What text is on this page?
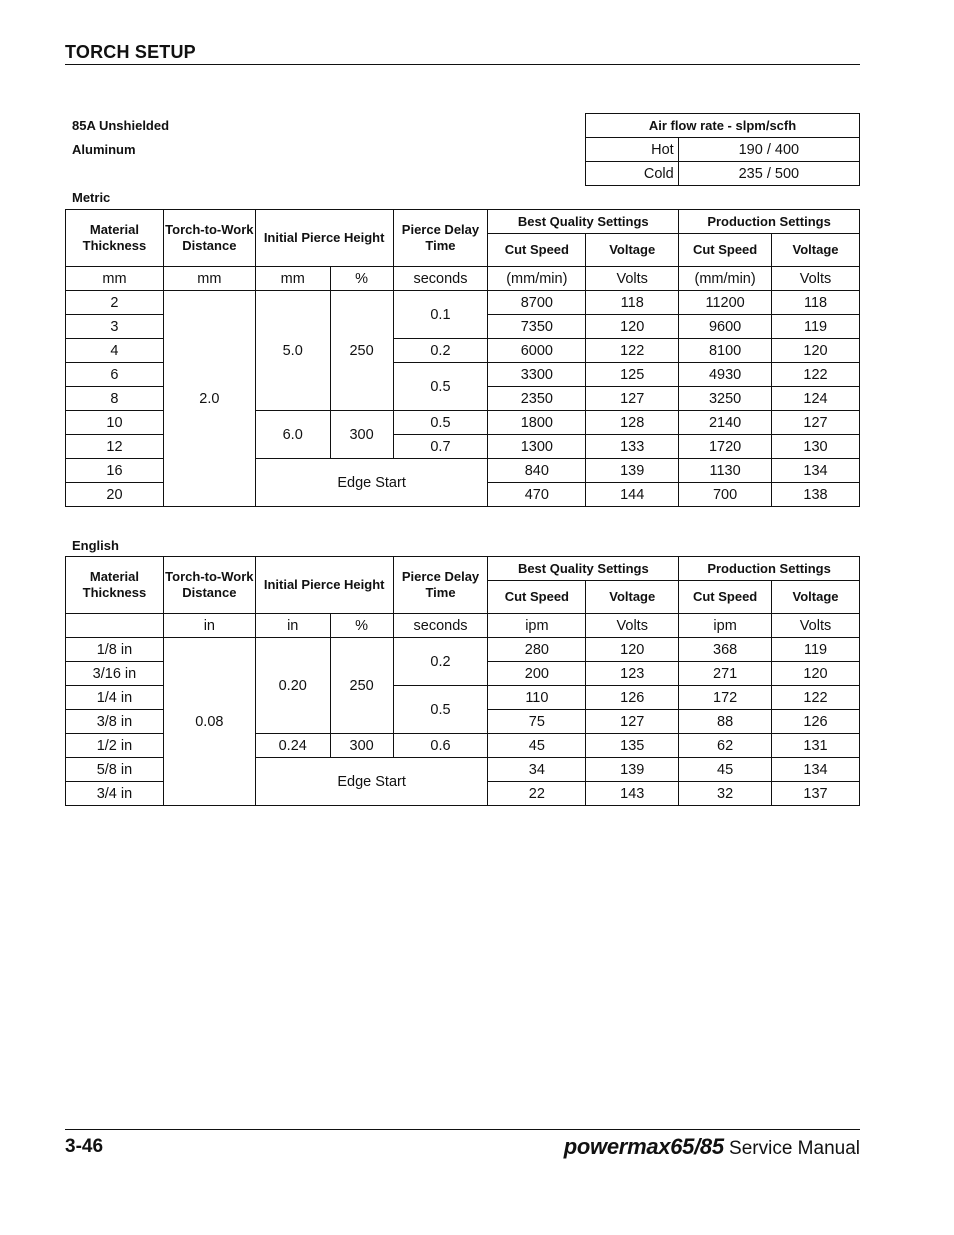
TORCH SETUP
85A Unshielded
Aluminum
Air flow rate - slpm/scfh	
Hot	190 / 400
Cold	235 / 500
Metric
Material Thickness	Torch-to-Work Distance	Initial Pierce Height		Pierce Delay Time	Best Quality Settings		Production Settings	
					Cut Speed	Voltage	Cut Speed	Voltage
mm	mm	mm	%	seconds	(mm/min)	Volts	(mm/min)	Volts
2	2.0	5.0	250	0.1	8700	118	11200	118
3					7350	120	9600	119
4				0.2	6000	122	8100	120
6				0.5	3300	125	4930	122
8					2350	127	3250	124
10		6.0	300	0.5	1800	128	2140	127
12				0.7	1300	133	1720	130
16		Edge Start			840	139	1130	134
20					470	144	700	138
English
Material Thickness	Torch-to-Work Distance	Initial Pierce Height		Pierce Delay Time	Best Quality Settings		Production Settings	
					Cut Speed	Voltage	Cut Speed	Voltage
	in	in	%	seconds	ipm	Volts	ipm	Volts
1/8 in	0.08	0.20	250	0.2	280	120	368	119
3/16 in					200	123	271	120
1/4 in				0.5	110	126	172	122
3/8 in					75	127	88	126
1/2 in		0.24	300	0.6	45	135	62	131
5/8 in		Edge Start			34	139	45	134
3/4 in					22	143	32	137
3-46	powermax65/85 Service Manual
